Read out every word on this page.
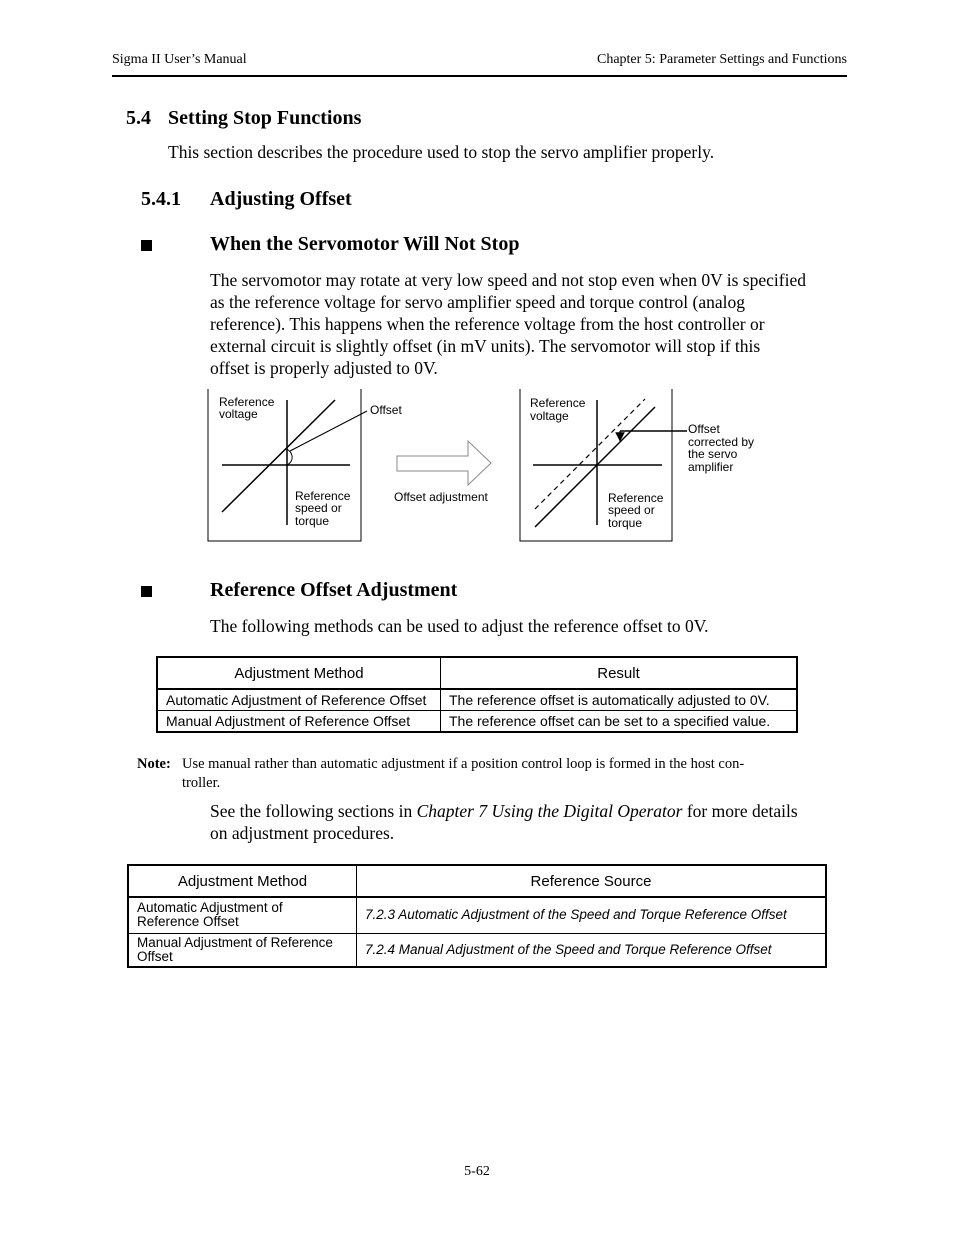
Sigma II User’s Manual	Chapter 5: Parameter Settings and Functions
5.4 Setting Stop Functions
This section describes the procedure used to stop the servo amplifier properly.
5.4.1 Adjusting Offset
When the Servomotor Will Not Stop
The servomotor may rotate at very low speed and not stop even when 0V is specified
as the reference voltage for servo amplifier speed and torque control (analog
reference). This happens when the reference voltage from the host controller or
external circuit is slightly offset (in mV units). The servomotor will stop if this
offset is properly adjusted to 0V.
Reference
voltage	Offset
Reference
speed or
torque
Offset adjustment
Reference
voltage
Offset
corrected by
the servo
amplifier
Reference
speed or
torque
Reference Offset Adjustment
The following methods can be used to adjust the reference offset to 0V.
Adjustment Method	Result
Automatic Adjustment of Reference Offset	The reference offset is automatically adjusted to 0V.
Manual Adjustment of Reference Offset	The reference offset can be set to a specified value.
Note: Use manual rather than automatic adjustment if a position control loop is formed in the host con-
troller.
See the following sections in Chapter 7 Using the Digital Operator for more details
on adjustment procedures.
Adjustment Method	Reference Source
Automatic Adjustment of Reference Offset	7.2.3 Automatic Adjustment of the Speed and Torque Reference Offset
Manual Adjustment of Reference Offset	7.2.4 Manual Adjustment of the Speed and Torque Reference Offset
5-62
